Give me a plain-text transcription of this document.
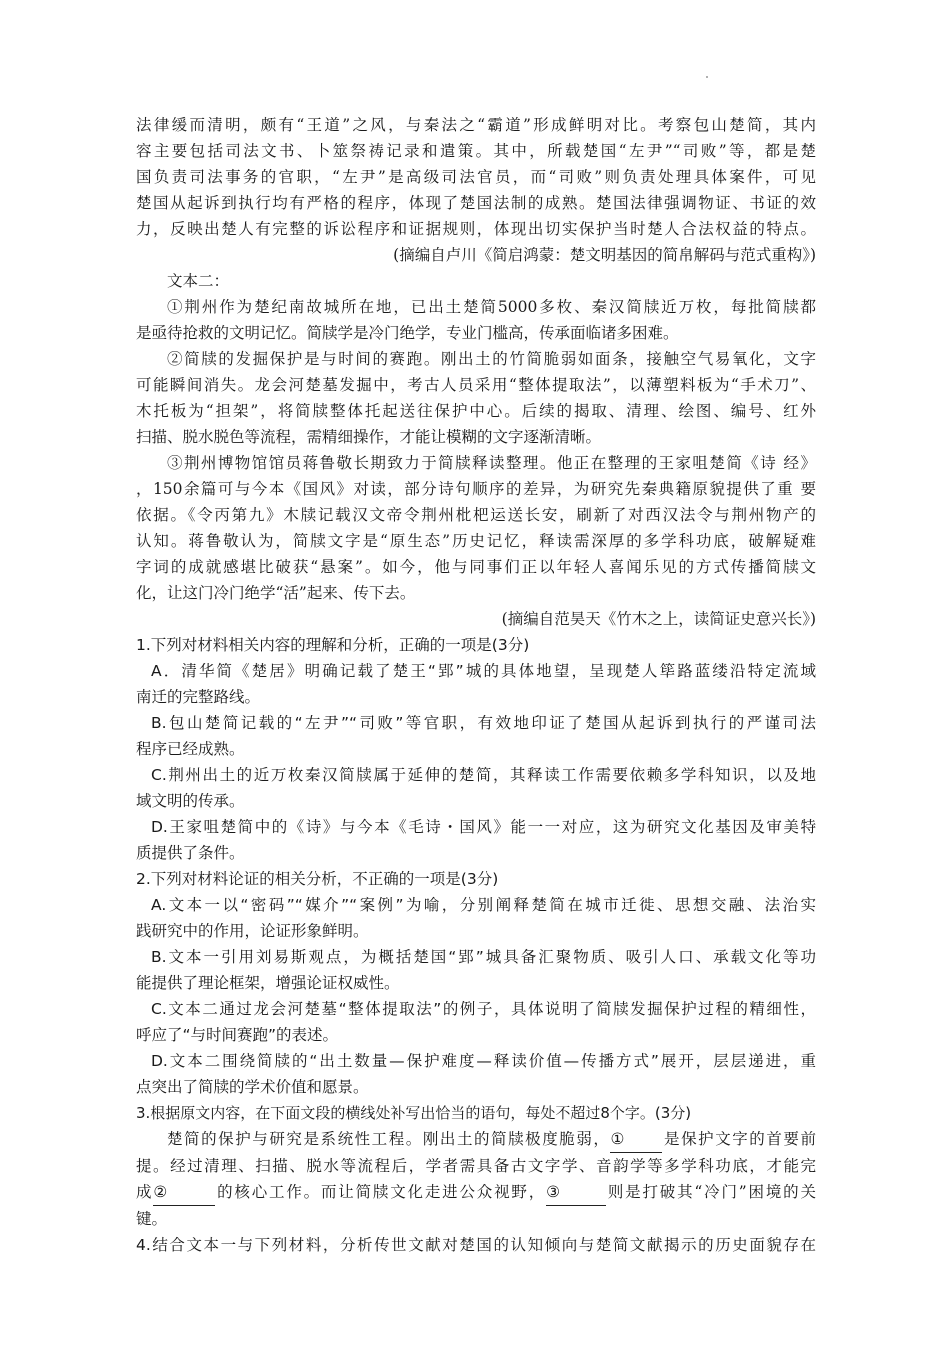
法律缓而清明，颇有“王道”之风，与秦法之“霸道”形成鲜明对比。考察包山楚简，其内
容主要包括司法文书、卜筮祭祷记录和遣策。其中，所载楚国“左尹”“司败”等，都是楚
国负责司法事务的官职，“左尹”是高级司法官员，而“司败”则负责处理具体案件，可见
楚国从起诉到执行均有严格的程序，体现了楚国法制的成熟。楚国法律强调物证、书证的效
力，反映出楚人有完整的诉讼程序和证据规则，体现出切实保护当时楚人合法权益的特点。
(摘编自卢川《简启鸿蒙：楚文明基因的简帛解码与范式重构》)
文本二：
①荆州作为楚纪南故城所在地，已出土楚简5000多枚、秦汉简牍近万枚，每批简牍都
是亟待抢救的文明记忆。简牍学是冷门绝学，专业门槛高，传承面临诸多困难。
②简牍的发掘保护是与时间的赛跑。刚出土的竹简脆弱如面条，接触空气易氧化，文字
可能瞬间消失。龙会河楚墓发掘中，考古人员采用“整体提取法”，以薄塑料板为“手术刀”、
木托板为“担架”，将简牍整体托起送往保护中心。后续的揭取、清理、绘图、编号、红外
扫描、脱水脱色等流程，需精细操作，才能让模糊的文字逐渐清晰。
③荆州博物馆馆员蒋鲁敬长期致力于简牍释读整理。他正在整理的王家咀楚简《诗 经》
，150余篇可与今本《国风》对读，部分诗句顺序的差异，为研究先秦典籍原貌提供了重 要
依据。《令丙第九》木牍记载汉文帝令荆州枇杷运送长安，刷新了对西汉法令与荆州物产的
认知。蒋鲁敬认为，简牍文字是“原生态”历史记忆，释读需深厚的多学科功底，破解疑难
字词的成就感堪比破获“悬案”。如今，他与同事们正以年轻人喜闻乐见的方式传播简牍文
化，让这门冷门绝学“活”起来、传下去。
(摘编自范昊天《竹木之上，读简证史意兴长》)
1.下列对材料相关内容的理解和分析，正确的一项是(3分)
A．清华简《楚居》明确记载了楚王“郢”城的具体地望，呈现楚人筚路蓝缕沿特定流域
南迁的完整路线。
B.包山楚简记载的“左尹”“司败”等官职，有效地印证了楚国从起诉到执行的严谨司法
程序已经成熟。
C.荆州出土的近万枚秦汉简牍属于延伸的楚简，其释读工作需要依赖多学科知识，以及地
域文明的传承。
D.王家咀楚简中的《诗》与今本《毛诗・国风》能一一对应，这为研究文化基因及审美特
质提供了条件。
2.下列对材料论证的相关分析，不正确的一项是(3分)
A.文本一以“密码”“媒介”“案例”为喻，分别阐释楚简在城市迁徙、思想交融、法治实
践研究中的作用，论证形象鲜明。
B.文本一引用刘易斯观点，为概括楚国“郢”城具备汇聚物质、吸引人口、承载文化等功
能提供了理论框架，增强论证权威性。
C.文本二通过龙会河楚墓“整体提取法”的例子，具体说明了简牍发掘保护过程的精细性，
呼应了“与时间赛跑”的表述。
D.文本二围绕简牍的“出土数量—保护难度—释读价值—传播方式”展开，层层递进，重
点突出了简牍的学术价值和愿景。
3.根据原文内容，在下面文段的横线处补写出恰当的语句，每处不超过8个字。(3分)
楚简的保护与研究是系统性工程。刚出土的简牍极度脆弱，① 是保护文字的首要前
提。经过清理、扫描、脱水等流程后，学者需具备古文字学、音韵学等多学科功底，才能完
成②	的核心工作。而让简牍文化走进公众视野，③	则是打破其“冷门”困境的关
键。
4.结合文本一与下列材料，分析传世文献对楚国的认知倾向与楚简文献揭示的历史面貌存在
